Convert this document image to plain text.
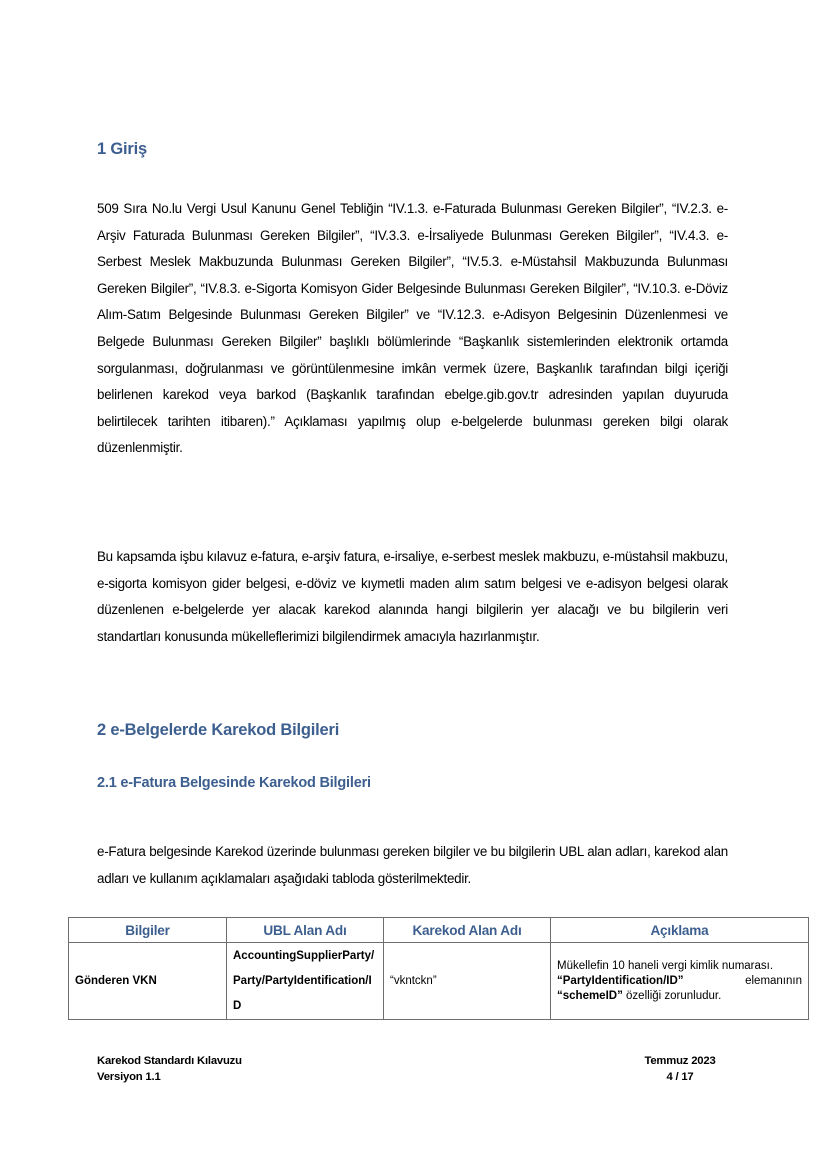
1 Giriş

509 Sıra No.lu Vergi Usul Kanunu Genel Tebliğin “IV.1.3. e-Faturada Bulunması Gereken Bilgiler”, “IV.2.3. e-Arşiv Faturada Bulunması Gereken Bilgiler”, “IV.3.3. e-İrsaliyede Bulunması Gereken Bilgiler”, “IV.4.3. e-Serbest Meslek Makbuzunda Bulunması Gereken Bilgiler”, “IV.5.3. e-Müstahsil Makbuzunda Bulunması Gereken Bilgiler”, “IV.8.3. e-Sigorta Komisyon Gider Belgesinde Bulunması Gereken Bilgiler”, “IV.10.3. e-Döviz Alım-Satım Belgesinde Bulunması Gereken Bilgiler” ve “IV.12.3. e-Adisyon Belgesinin Düzenlenmesi ve Belgede Bulunması Gereken Bilgiler” başlıklı bölümlerinde “Başkanlık sistemlerinden elektronik ortamda sorgulanması, doğrulanması ve görüntülenmesine imkân vermek üzere, Başkanlık tarafından bilgi içeriği belirlenen karekod veya barkod (Başkanlık tarafından ebelge.gib.gov.tr adresinden yapılan duyuruda belirtilecek tarihten itibaren).” Açıklaması yapılmış olup e-belgelerde bulunması gereken bilgi olarak düzenlenmiştir.

Bu kapsamda işbu kılavuz e-fatura, e-arşiv fatura, e-irsaliye, e-serbest meslek makbuzu, e-müstahsil makbuzu, e-sigorta komisyon gider belgesi, e-döviz ve kıymetli maden alım satım belgesi ve e-adisyon belgesi olarak düzenlenen e-belgelerde yer alacak karekod alanında hangi bilgilerin yer alacağı ve bu bilgilerin veri standartları konusunda mükelleflerimizi bilgilendirmek amacıyla hazırlanmıştır.

2 e-Belgelerde Karekod Bilgileri
2.1 e-Fatura Belgesinde Karekod Bilgileri

e-Fatura belgesinde Karekod üzerinde bulunması gereken bilgiler ve bu bilgilerin UBL alan adları, karekod alan adları ve kullanım açıklamaları aşağıdaki tabloda gösterilmektedir.

Bilgiler	UBL Alan Adı	Karekod Alan Adı	Açıklama
Gönderen VKN	AccountingSupplierParty/Party/PartyIdentification/ID	“vkntckn”	Mükellefin 10 haneli vergi kimlik numarası.
“PartyIdentification/ID” elemanının
“schemeID” özelliği zorunludur.
Karekod Standardı Kılavuzu
Versiyon 1.1
Temmuz 2023
4 / 17
